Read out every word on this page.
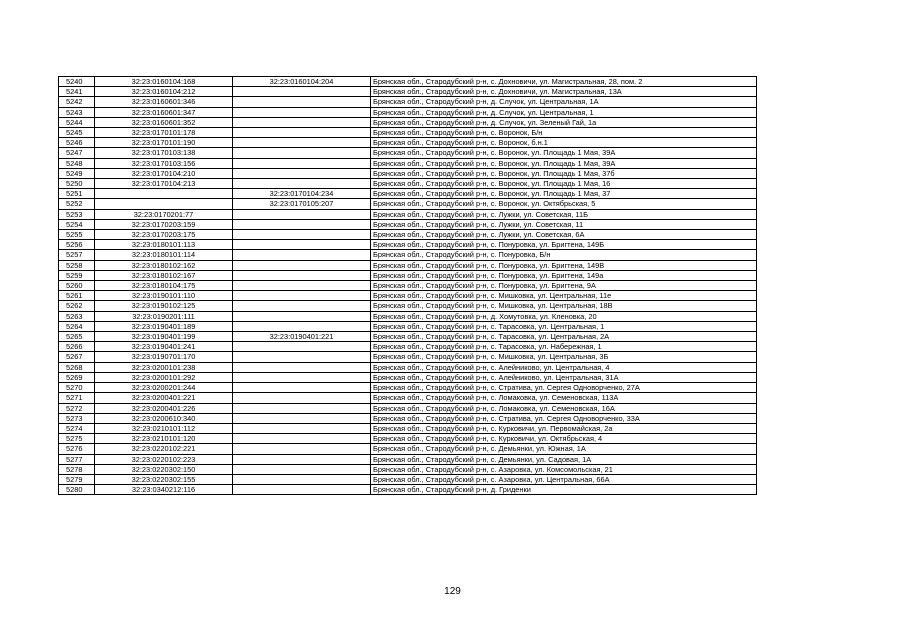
5240	32:23:0160104:168	32:23:0160104:204	Брянская обл., Стародубский р-н, с. Дохновичи, ул. Магистральная, 28, пом. 2
5241	32:23:0160104:212		Брянская обл., Стародубский р-н, с. Дохновичи, ул. Магистральная, 13А
5242	32:23:0160601:346		Брянская обл., Стародубский р-н, д. Случок, ул. Центральная, 1А
5243	32:23:0160601:347		Брянская обл., Стародубский р-н, д. Случок, ул. Центральная, 1
5244	32:23:0160601:352		Брянская обл., Стародубский р-н, д. Случок, ул. Зеленый Гай, 1а
5245	32:23:0170101:178		Брянская обл., Стародубский р-н, с. Воронок, Б/н
5246	32:23:0170101:190		Брянская обл., Стародубский р-н, с. Воронок, б.н.1
5247	32:23:0170103:138		Брянская обл., Стародубский р-н, с. Воронок, ул. Площадь 1 Мая, 39А
5248	32:23:0170103:156		Брянская обл., Стародубский р-н, с. Воронок, ул. Площадь 1 Мая, 39А
5249	32:23:0170104:210		Брянская обл., Стародубский р-н, с. Воронок, ул. Площадь 1 Мая, 37б
5250	32:23:0170104:213		Брянская обл., Стародубский р-н, с. Воронок, ул. Площадь 1 Мая, 16
5251		32:23:0170104:234	Брянская обл., Стародубский р-н, с. Воронок, ул. Площадь 1 Мая, 37
5252		32:23:0170105:207	Брянская обл., Стародубский р-н, с. Воронок, ул. Октябрьская, 5
5253	32:23:0170201:77		Брянская обл., Стародубский р-н, с. Лужки, ул. Советская, 11Б
5254	32:23:0170203:159		Брянская обл., Стародубский р-н, с. Лужки, ул. Советская, 11
5255	32:23:0170203:175		Брянская обл., Стародубский р-н, с. Лужки, ул. Советская, 6А
5256	32:23:0180101:113		Брянская обл., Стародубский р-н, с. Понуровка, ул. Бригтена, 149Б
5257	32:23:0180101:114		Брянская обл., Стародубский р-н, с. Понуровка, Б/н
5258	32:23:0180102:162		Брянская обл., Стародубский р-н, с. Понуровка, ул. Бригтена, 149В
5259	32:23:0180102:167		Брянская обл., Стародубский р-н, с. Понуровка, ул. Бригтена, 149а
5260	32:23:0180104:175		Брянская обл., Стародубский р-н, с. Понуровка, ул. Бригтена, 9А
5261	32:23:0190101:110		Брянская обл., Стародубский р-н, с. Мишковка, ул. Центральная, 11е
5262	32:23:0190102:125		Брянская обл., Стародубский р-н, с. Мишковка, ул. Центральная, 18В
5263	32:23:0190201:111		Брянская обл., Стародубский р-н, д. Хомутовка, ул. Кленовка, 20
5264	32:23:0190401:189		Брянская обл., Стародубский р-н, с. Тарасовка, ул. Центральная, 1
5265	32:23:0190401:199	32:23:0190401:221	Брянская обл., Стародубский р-н, с. Тарасовка, ул. Центральная, 2А
5266	32:23:0190401:241		Брянская обл., Стародубский р-н, с. Тарасовка, ул. Набережная, 1
5267	32:23:0190701:170		Брянская обл., Стародубский р-н, с. Мишковка, ул. Центральная, 3Б
5268	32:23:0200101:238		Брянская обл., Стародубский р-н, с. Алейниково, ул. Центральная, 4
5269	32:23:0200101:292		Брянская обл., Стародубский р-н, с. Алейниково, ул. Центральная, 31А
5270	32:23:0200201:244		Брянская обл., Стародубский р-н, с. Стратива, ул. Сергея Одноворченко, 27А
5271	32:23:0200401:221		Брянская обл., Стародубский р-н, с. Ломаковка, ул. Семеновская, 113А
5272	32:23:0200401:226		Брянская обл., Стародубский р-н, с. Ломаковка, ул. Семеновская, 16А
5273	32:23:0200610:340		Брянская обл., Стародубский р-н, с. Стратива, ул. Сергея Одноворченко, 33А
5274	32:23:0210101:112		Брянская обл., Стародубский р-н, с. Курковичи, ул. Первомайская, 2а
5275	32:23:0210101:120		Брянская обл., Стародубский р-н, с. Курковичи, ул. Октябрьская, 4
5276	32:23:0220102:221		Брянская обл., Стародубский р-н, с. Демьянки, ул. Южная, 1А
5277	32:23:0220102:223		Брянская обл., Стародубский р-н, с. Демьянки, ул. Садовая, 1А
5278	32:23:0220302:150		Брянская обл., Стародубский р-н, с. Азаровка, ул. Комсомольская, 21
5279	32:23:0220302:155		Брянская обл., Стародубский р-н, с. Азаровка, ул. Центральная, 66А
5280	32:23:0340212:116		Брянская обл., Стародубский р-н, д. Гриденки
129
